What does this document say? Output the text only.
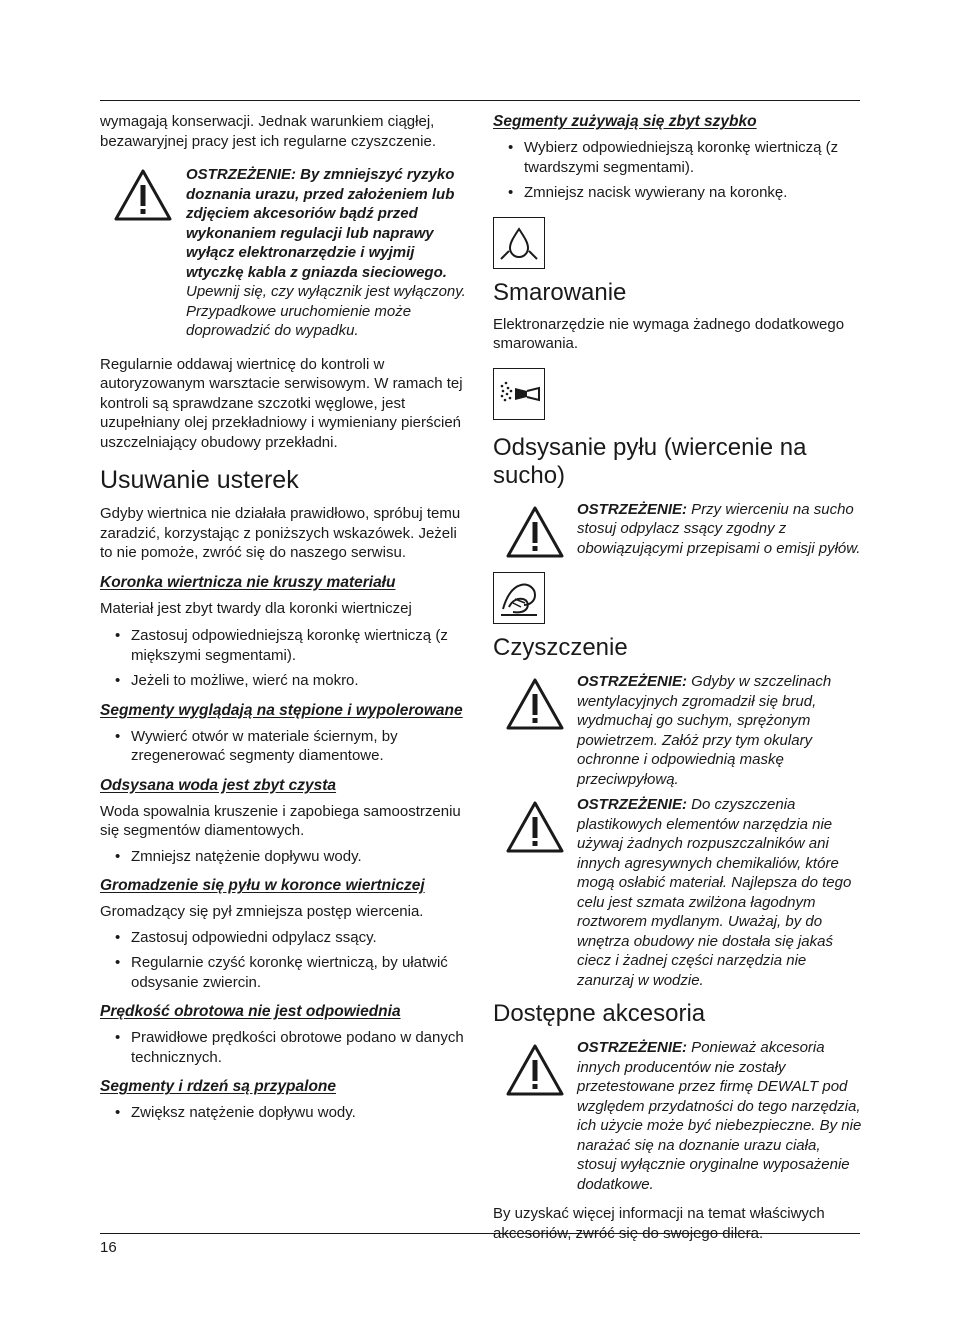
wymagają konserwacji. Jednak warunkiem ciągłej, bezawaryjnej pracy jest ich regularne czyszczenie.

OSTRZEŻENIE: By zmniejszyć ryzyko doznania urazu, przed założeniem lub zdjęciem akcesoriów bądź przed wykonaniem regulacji lub naprawy wyłącz elektronarzędzie i wyjmij wtyczkę kabla z gniazda sieciowego. Upewnij się, czy wyłącznik jest wyłączony. Przypadkowe uruchomienie może doprowadzić do wypadku.

Regularnie oddawaj wiertnicę do kontroli w autoryzowanym warsztacie serwisowym. W ramach tej kontroli są sprawdzane szczotki węglowe, jest uzupełniany olej przekładniowy i wymieniany pierścień uszczelniający obudowy przekładni.

Usuwanie usterek

Gdyby wiertnica nie działała prawidłowo, spróbuj temu zaradzić, korzystając z poniższych wskazówek. Jeżeli to nie pomoże, zwróć się do naszego serwisu.

Koronka wiertnicza nie kruszy materiału

Materiał jest zbyt twardy dla koronki wiertniczej

• Zastosuj odpowiedniejszą koronkę wiertniczą (z miększymi segmentami).
• Jeżeli to możliwe, wierć na mokro.
Segmenty wyglądają na stępione i wypolerowane
• Wywierć otwór w materiale ściernym, by zregenerować segmenty diamentowe.
Odsysana woda jest zbyt czysta

Woda spowalnia kruszenie i zapobiega samoostrzeniu się segmentów diamentowych.

• Zmniejsz natężenie dopływu wody.
Gromadzenie się pyłu w koronce wiertniczej

Gromadzący się pył zmniejsza postęp wiercenia.

• Zastosuj odpowiedni odpylacz ssący.
• Regularnie czyść koronkę wiertniczą, by ułatwić odsysanie zwiercin.
Prędkość obrotowa nie jest odpowiednia
• Prawidłowe prędkości obrotowe podano w danych technicznych.
Segmenty i rdzeń są przypalone
• Zwiększ natężenie dopływu wody.
Segmenty zużywają się zbyt szybko
• Wybierz odpowiedniejszą koronkę wiertniczą (z twardszymi segmentami).
• Zmniejsz nacisk wywierany na koronkę.
Smarowanie

Elektronarzędzie nie wymaga żadnego dodatkowego smarowania.

Odsysanie pyłu (wiercenie na sucho)
OSTRZEŻENIE: Przy wierceniu na sucho stosuj odpylacz ssący zgodny z obowiązującymi przepisami o emisji pyłów.
Czyszczenie
OSTRZEŻENIE: Gdyby w szczelinach wentylacyjnych zgromadził się brud, wydmuchaj go suchym, sprężonym powietrzem. Załóż przy tym okulary ochronne i odpowiednią maskę przeciwpyłową.
OSTRZEŻENIE: Do czyszczenia plastikowych elementów narzędzia nie używaj żadnych rozpuszczalników ani innych agresywnych chemikaliów, które mogą osłabić materiał. Najlepsza do tego celu jest szmata zwilżona łagodnym roztworem mydlanym. Uważaj, by do wnętrza obudowy nie dostała się jakaś ciecz i żadnej części narzędzia nie zanurzaj w wodzie.
Dostępne akcesoria
OSTRZEŻENIE: Ponieważ akcesoria innych producentów nie zostały przetestowane przez firmę DEWALT pod względem przydatności do tego narzędzia, ich użycie może być niebezpieczne. By nie narażać się na doznanie urazu ciała, stosuj wyłącznie oryginalne wyposażenie dodatkowe.

By uzyskać więcej informacji na temat właściwych akcesoriów, zwróć się do swojego dilera.

16
